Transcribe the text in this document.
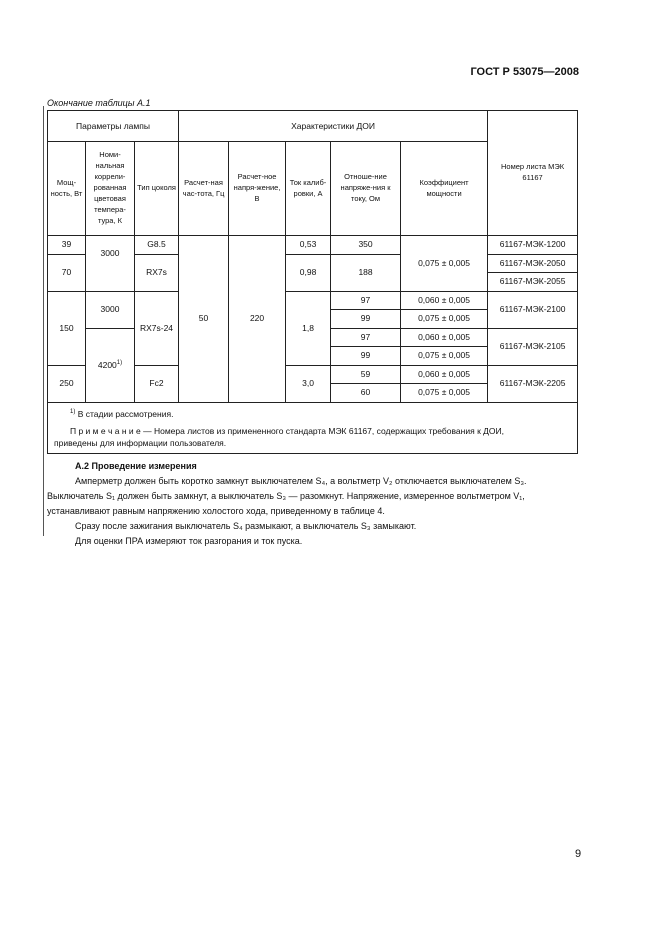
ГОСТ Р 53075—2008
Окончание таблицы А.1
Параметры лампы			Характеристики ДОИ					Номер листа МЭК 61167
Мощ-ность, Вт	Номи-нальная коррели-рованная цветовая темпера-тура, К	Тип цоколя	Расчет-ная час-тота, Гц	Расчет-ное напря-жение, В	Ток калиб-ровки, А	Отноше-ние напряже-ния к току, Ом	Коэффициент мощности	
39	3000	G8.5	50	220	0,53	350	0,075 ± 0,005	61167-МЭК-1200
70		RX7s			0,98	188		61167-МЭК-2050
								61167-МЭК-2055
150	3000	RX7s-24			1,8	97	0,060 ± 0,005	61167-МЭК-2100
						99	0,075 ± 0,005	
	4200$^{1)}$					97	0,060 ± 0,005	61167-МЭК-2105
						99	0,075 ± 0,005	
250		Fc2			3,0	59	0,060 ± 0,005	61167-МЭК-2205
						60	0,075 ± 0,005	

$^{1)}$ В стадии рассмотрения.
П р и м е ч а н и е — Номера листов из примененного стандарта МЭК 61167, содержащих требования к ДОИ,
приведены для информации пользователя.								
А.2 Проведение измерения

Амперметр должен быть коротко замкнут выключателем S₄, а вольтметр V₂ отключается выключателем S₃.

Выключатель S₁ должен быть замкнут, а выключатель S₃ — разомкнут. Напряжение, измеренное вольтметром V₁,

устанавливают равным напряжению холостого хода, приведенному в таблице 4.

Сразу после зажигания выключатель S₄ размыкают, а выключатель S₃ замыкают.

Для оценки ПРА измеряют ток разгорания и ток пуска.

9
